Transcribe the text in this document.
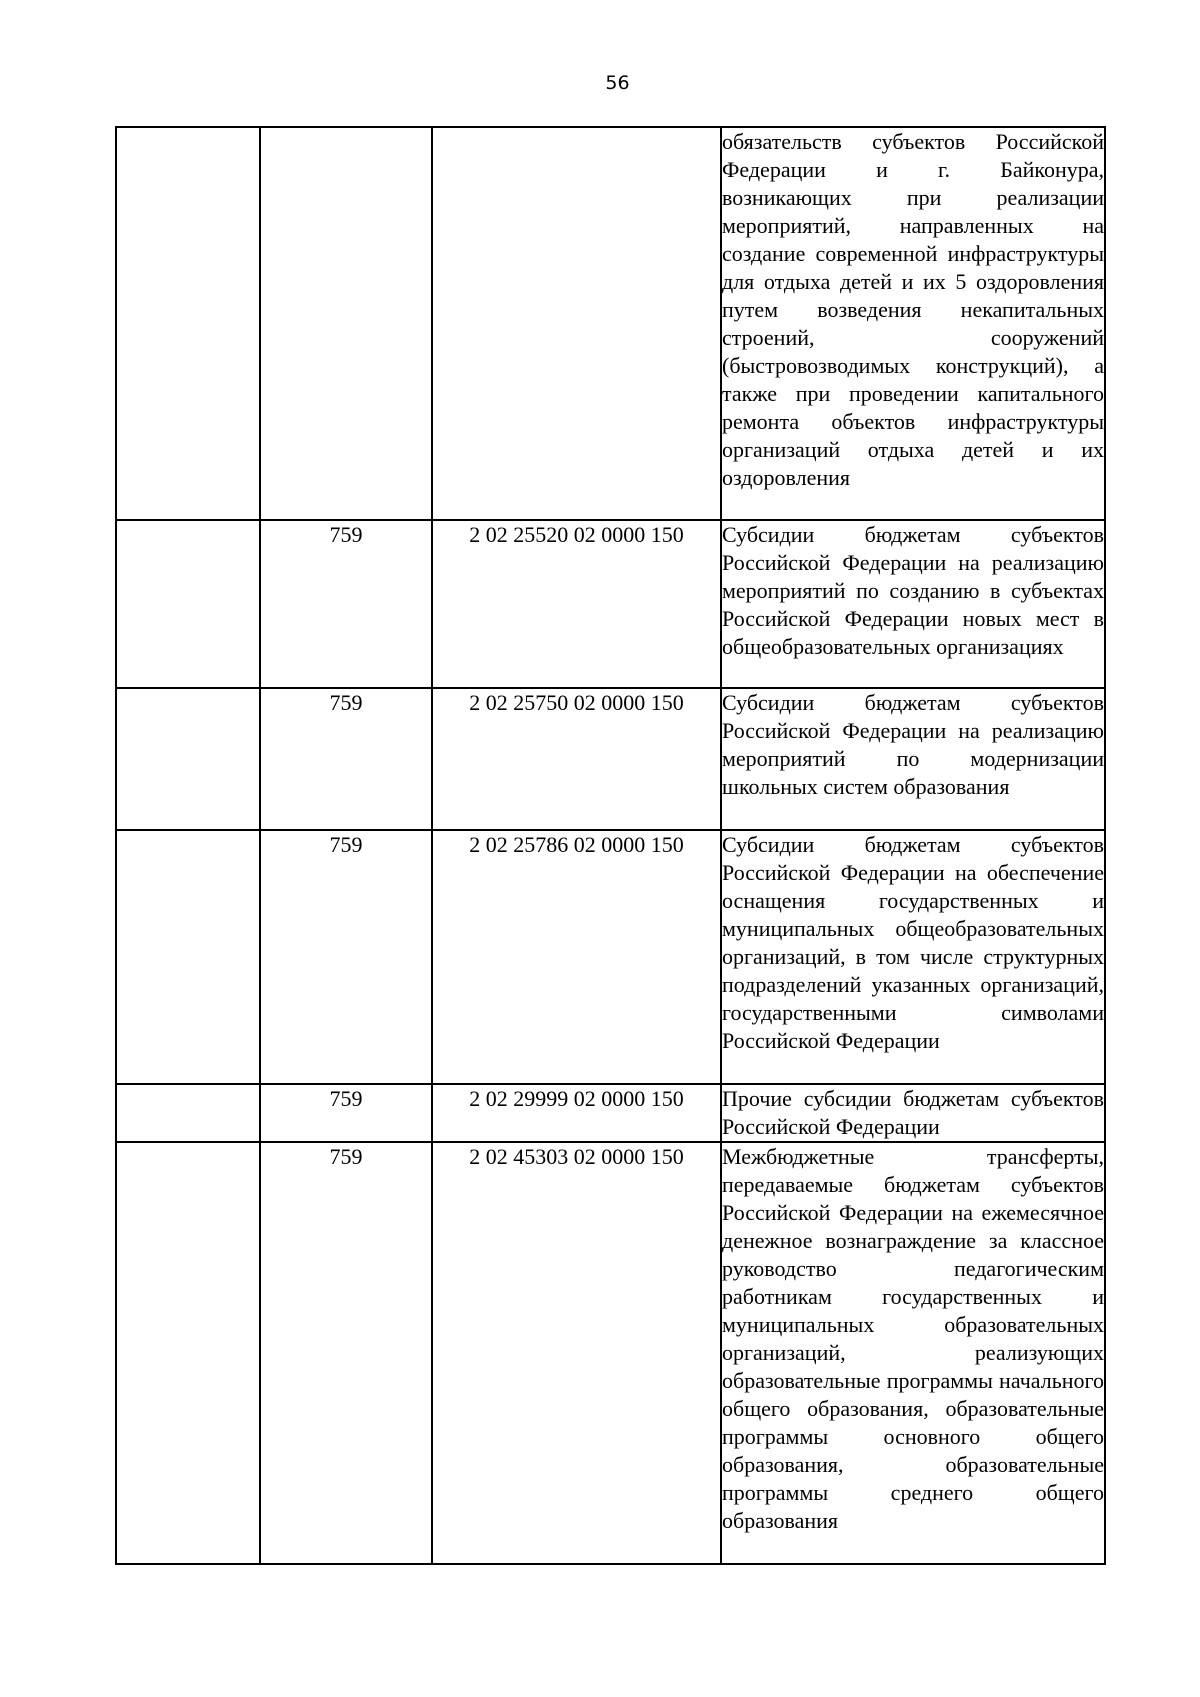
56
			обязательств субъектов Российской Федерации и г. Байконура, возникающих при реализации мероприятий, направленных на создание современной инфраструктуры для отдыха детей и их 5 оздоровления путем возведения некапитальных строений, сооружений (быстровозводимых конструкций), а также при проведении капитального ремонта объектов инфраструктуры организаций отдыха детей и их оздоровления
	759	2 02 25520 02 0000 150	Субсидии бюджетам субъектов Российской Федерации на реализацию мероприятий по созданию в субъектах Российской Федерации новых мест в общеобразовательных организациях
	759	2 02 25750 02 0000 150	Субсидии бюджетам субъектов Российской Федерации на реализацию мероприятий по модернизации школьных систем образования
	759	2 02 25786 02 0000 150	Субсидии бюджетам субъектов Российской Федерации на обеспечение оснащения государственных и муниципальных общеобразовательных организаций, в том числе структурных подразделений указанных организаций, государственными символами Российской Федерации
	759	2 02 29999 02 0000 150	Прочие субсидии бюджетам субъектов Российской Федерации
	759	2 02 45303 02 0000 150	Межбюджетные трансферты, передаваемые бюджетам субъектов Российской Федерации на ежемесячное денежное вознаграждение за классное руководство педагогическим работникам государственных и муниципальных образовательных организаций, реализующих образовательные программы начального общего образования, образовательные программы основного общего образования, образовательные программы среднего общего образования
